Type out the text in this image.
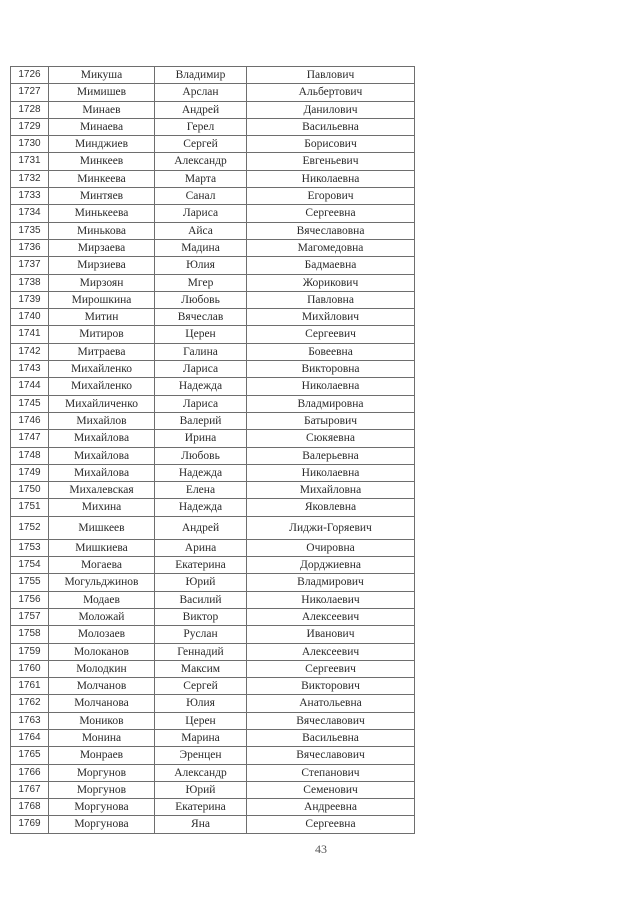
1726	Микуша	Владимир	Павлович
1727	Мимишев	Арслан	Альбертович
1728	Минаев	Андрей	Данилович
1729	Минаева	Герел	Васильевна
1730	Минджиев	Сергей	Борисович
1731	Минкеев	Александр	Евгеньевич
1732	Минкеева	Марта	Николаевна
1733	Минтяев	Санал	Егорович
1734	Минькеева	Лариса	Сергеевна
1735	Минькова	Айса	Вячеславовна
1736	Мирзаева	Мадина	Магомедовна
1737	Мирзиева	Юлия	Бадмаевна
1738	Мирзоян	Мгер	Жорикович
1739	Мирошкина	Любовь	Павловна
1740	Митин	Вячеслав	Михйлович
1741	Митиров	Церен	Сергеевич
1742	Митраева	Галина	Бовеевна
1743	Михайленко	Лариса	Викторовна
1744	Михайленко	Надежда	Николаевна
1745	Михайличенко	Лариса	Владмировна
1746	Михайлов	Валерий	Батырович
1747	Михайлова	Ирина	Сюкяевна
1748	Михайлова	Любовь	Валерьевна
1749	Михайлова	Надежда	Николаевна
1750	Михалевская	Елена	Михайловна
1751	Михина	Надежда	Яковлевна
1752	Мишкеев	Андрей	Лиджи-Горяевич
1753	Мишкиева	Арина	Очировна
1754	Могаева	Екатерина	Дорджиевна
1755	Могульджинов	Юрий	Владмирович
1756	Модаев	Василий	Николаевич
1757	Моложай	Виктор	Алексеевич
1758	Молозаев	Руслан	Иванович
1759	Молоканов	Геннадий	Алексеевич
1760	Молодкин	Максим	Сергеевич
1761	Молчанов	Сергей	Викторович
1762	Молчанова	Юлия	Анатольевна
1763	Моников	Церен	Вячеславович
1764	Монина	Марина	Васильевна
1765	Монраев	Эренцен	Вячеславович
1766	Моргунов	Александр	Степанович
1767	Моргунов	Юрий	Семенович
1768	Моргунова	Екатерина	Андреевна
1769	Моргунова	Яна	Сергеевна
43
